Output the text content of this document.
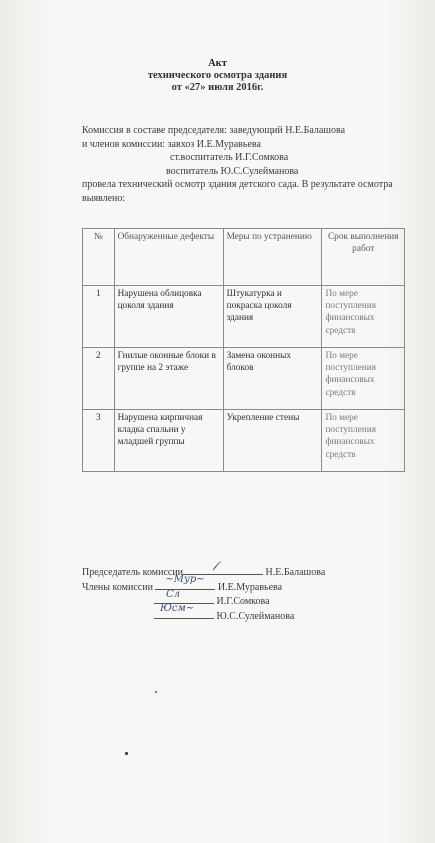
Акт
технического осмотра здания
от «27» июля 2016г.
Комиссия в составе председателя: заведующий Н.Е.Балашова
и членов комиссии: завхоз И.Е.Муравьева
ст.воспитатель И.Г.Сомкова
воспитатель Ю.С.Сулейманова
провела технический осмотр здания детского сада. В результате осмотра
выявлено:
№	Обнаруженные дефекты	Меры по устранению	Срок выполнения работ
1	Нарушена облицовка цоколя здания	Штукатурка и покраска цоколя здания	По мере поступления финансовых средств
2	Гнилые оконные блоки в группе на 2 этаже	Замена оконных блоков	По мере поступления финансовых средств
3	Нарушена кирпичная кладка спальни у младшей группы	Укрепление стены	По мере поступления финансовых средств
Председатель комиссии
𝒻
Н.Е.Балашова
Члены комиссии
~Мур~
И.Е.Муравьева
Сл
И.Г.Сомкова
Юсм~
Ю.С.Сулейманова
